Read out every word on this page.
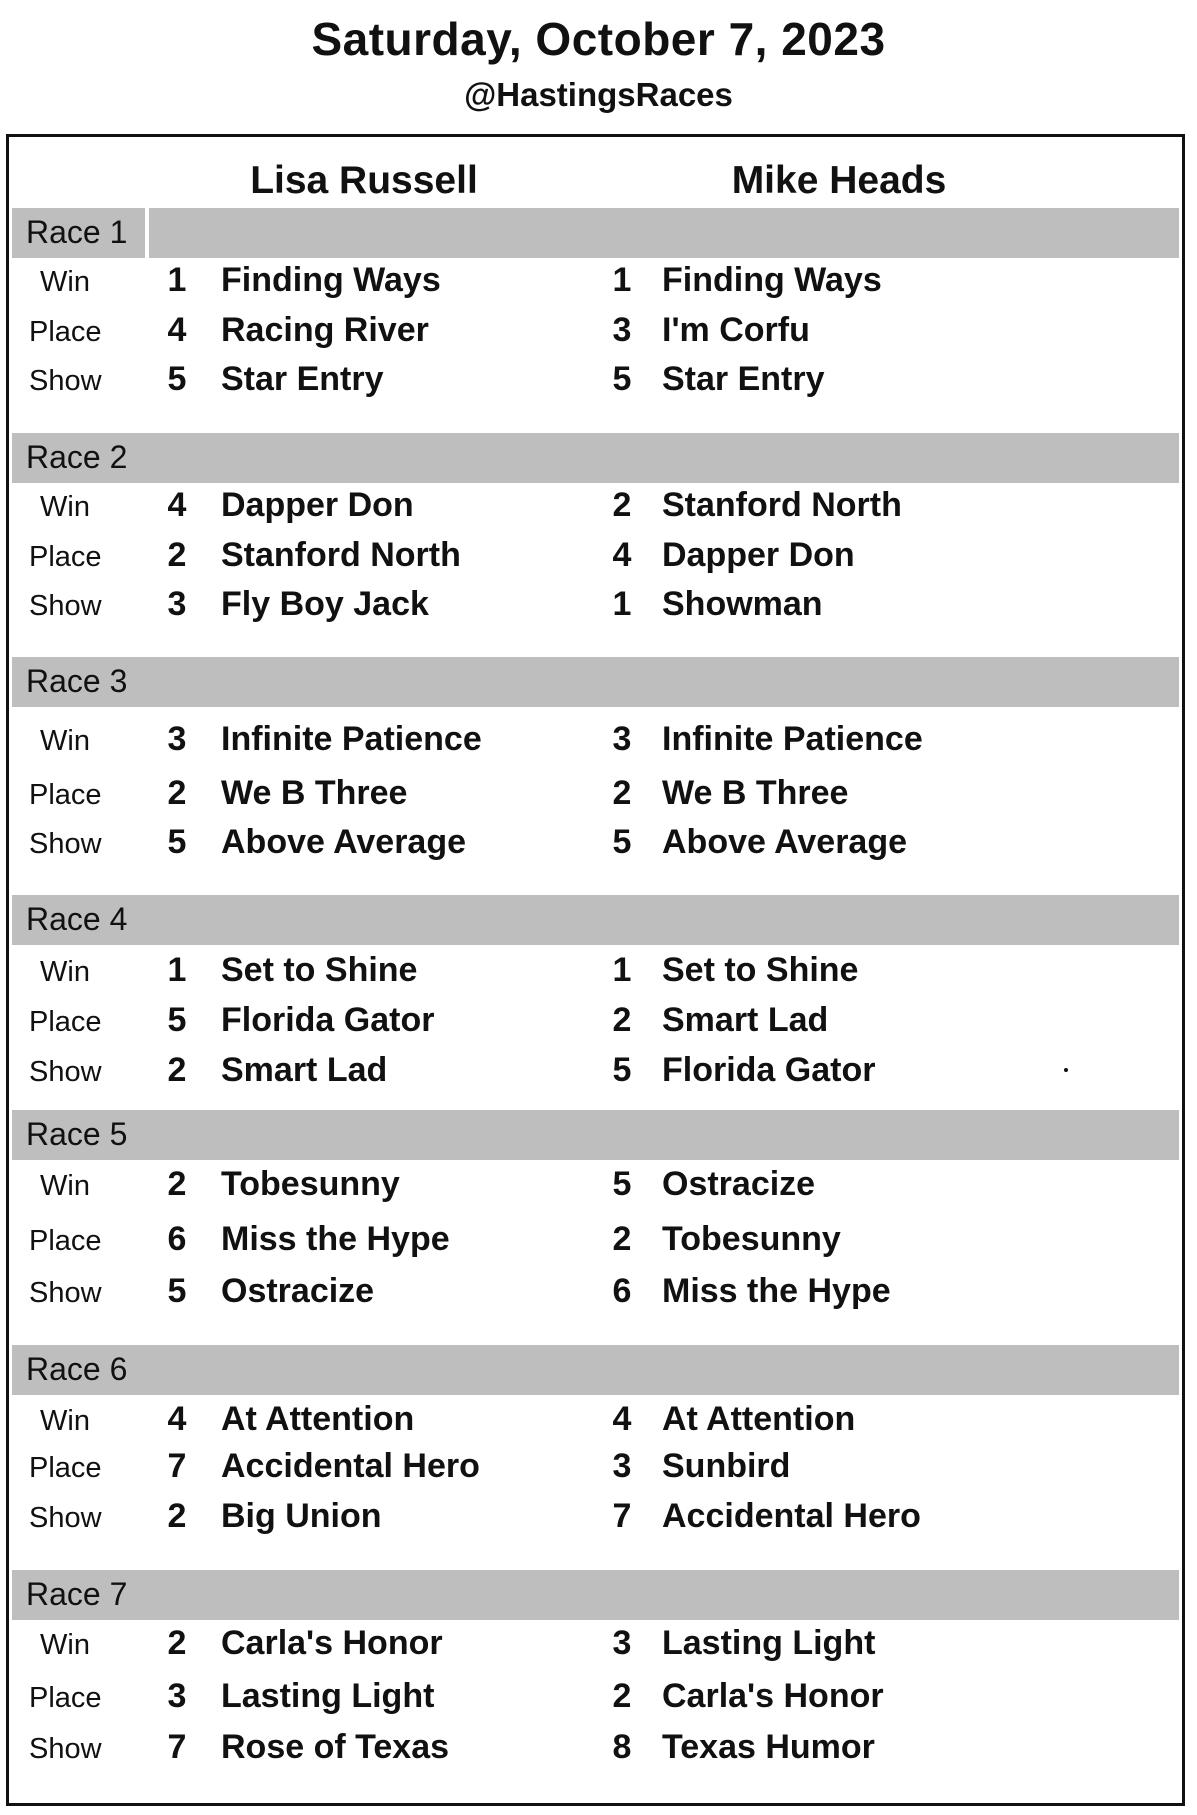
Saturday, October 7, 2023
@HastingsRaces
Lisa Russell	Mike Heads
Race 1
Win	1	Finding Ways	1 Finding Ways
Place	4	Racing River	3 I'm Corfu
Show	5	Star Entry	5 Star Entry
Race 2
Win	4	Dapper Don	2 Stanford North
Place	2	Stanford North	4 Dapper Don
Show	3	Fly Boy Jack	1 Showman
Race 3
Win	3	Infinite Patience	3 Infinite Patience
Place	2	We B Three	2 We B Three
Show	5	Above Average	5 Above Average
Race 4
Win	1	Set to Shine	1 Set to Shine
Place	5	Florida Gator	2 Smart Lad
Show	2	Smart Lad	5 Florida Gator
Race 5
Win	2	Tobesunny	5 Ostracize
Place	6	Miss the Hype	2 Tobesunny
Show	5	Ostracize	6 Miss the Hype
Race 6
Win	4	At Attention	4 At Attention
Place	7	Accidental Hero	3 Sunbird
Show	2	Big Union	7 Accidental Hero
Race 7
Win	2	Carla's Honor	3 Lasting Light
Place	3	Lasting Light	2 Carla's Honor
Show	7	Rose of Texas	8 Texas Humor
